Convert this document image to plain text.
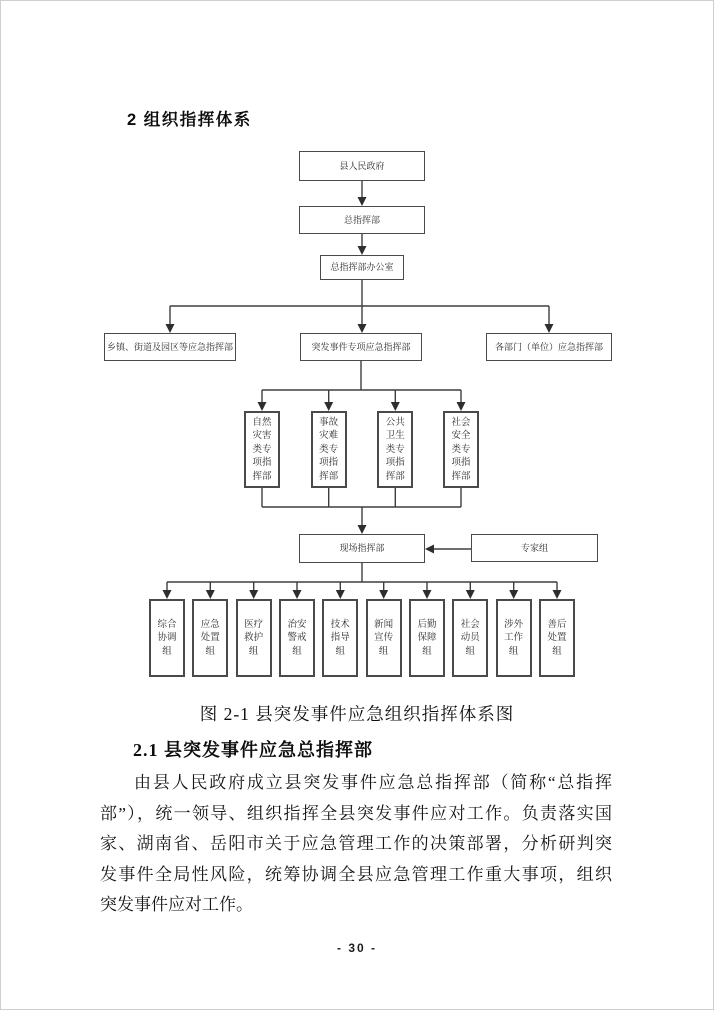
2 组织指挥体系
县人民政府
总指挥部
总指挥部办公室
乡镇、街道及园区等应急指挥部	突发事件专项应急指挥部	各部门（单位）应急指挥部
自然灾害类专项指挥部
事故灾难类专项指挥部
公共卫生类专项指挥部
社会安全类专项指挥部
现场指挥部	专家组
综合协调组
应急处置组
医疗救护组
治安警戒组
技术指导组
新闻宣传组
后勤保障组
社会动员组
涉外工作组
善后处置组
图 2-1 县突发事件应急组织指挥体系图
2.1 县突发事件应急总指挥部
由县人民政府成立县突发事件应急总指挥部（简称“总指挥
部”），统一领导、组织指挥全县突发事件应对工作。负责落实国
家、湖南省、岳阳市关于应急管理工作的决策部署，分析研判突
发事件全局性风险，统筹协调全县应急管理工作重大事项，组织
突发事件应对工作。
- 30 -
